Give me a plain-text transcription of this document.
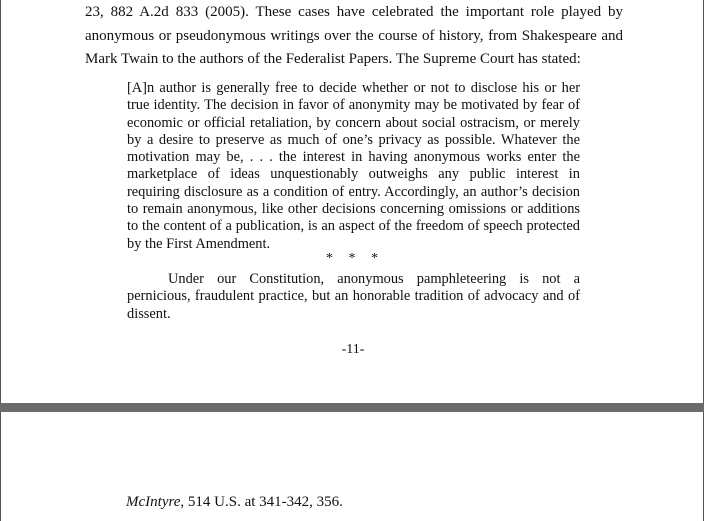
23, 882 A.2d 833 (2005). These cases have celebrated the important role played by anonymous or pseudonymous writings over the course of history, from Shakespeare and Mark Twain to the authors of the Federalist Papers. The Supreme Court has stated:

[A]n author is generally free to decide whether or not to disclose his or her true identity. The decision in favor of anonymity may be motivated by fear of economic or official retaliation, by concern about social ostracism, or merely by a desire to preserve as much of one’s privacy as possible. Whatever the motivation may be, . . . the interest in having anonymous works enter the marketplace of ideas unquestionably outweighs any public interest in requiring disclosure as a condition of entry. Accordingly, an author’s decision to remain anonymous, like other decisions concerning omissions or additions to the content of a publication, is an aspect of the freedom of speech protected by the First Amendment.

* * *

Under our Constitution, anonymous pamphleteering is not a pernicious, fraudulent practice, but an honorable tradition of advocacy and of dissent.

-11-
McIntyre, 514 U.S. at 341-342, 356.
